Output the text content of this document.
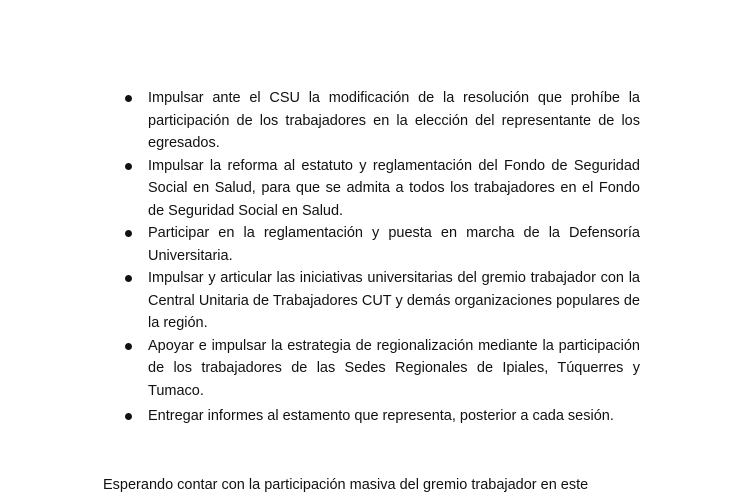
Impulsar ante el CSU la modificación de la resolución que prohíbe la participación de los trabajadores en la elección del representante de los egresados.
Impulsar la reforma al estatuto y reglamentación del Fondo de Seguridad Social en Salud, para que se admita a todos los trabajadores en el Fondo de Seguridad Social en Salud.
Participar en la reglamentación y puesta en marcha de la Defensoría Universitaria.
Impulsar y articular las iniciativas universitarias del gremio trabajador con la Central Unitaria de Trabajadores CUT y demás organizaciones populares de la región.
Apoyar e impulsar la estrategia de regionalización mediante la participación de los trabajadores de las Sedes Regionales de Ipiales, Túquerres y Tumaco.
Entregar informes al estamento que representa, posterior a cada sesión.
Esperando contar con la participación masiva del gremio trabajador en este
